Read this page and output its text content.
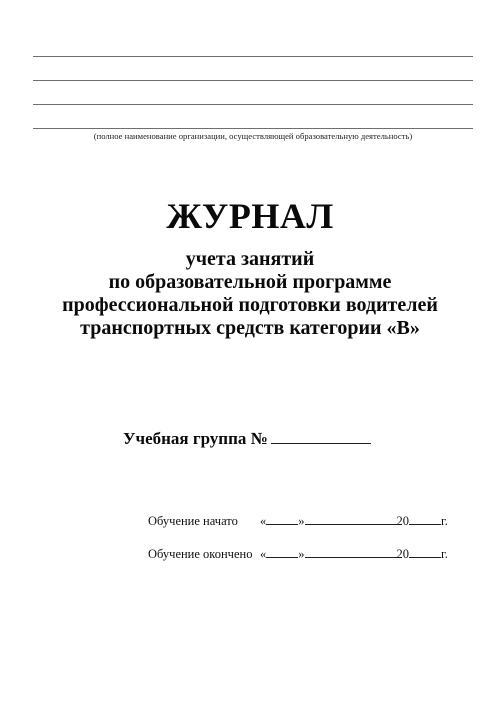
(полное наименование организации, осуществляющей образовательную деятельность)
ЖУРНАЛ
учета занятий
по образовательной программе
профессиональной подготовки водителей
транспортных средств категории «В»
Учебная группа №
Обучение начато «	»	20	г.
Обучение окончено «	»	20	г.
